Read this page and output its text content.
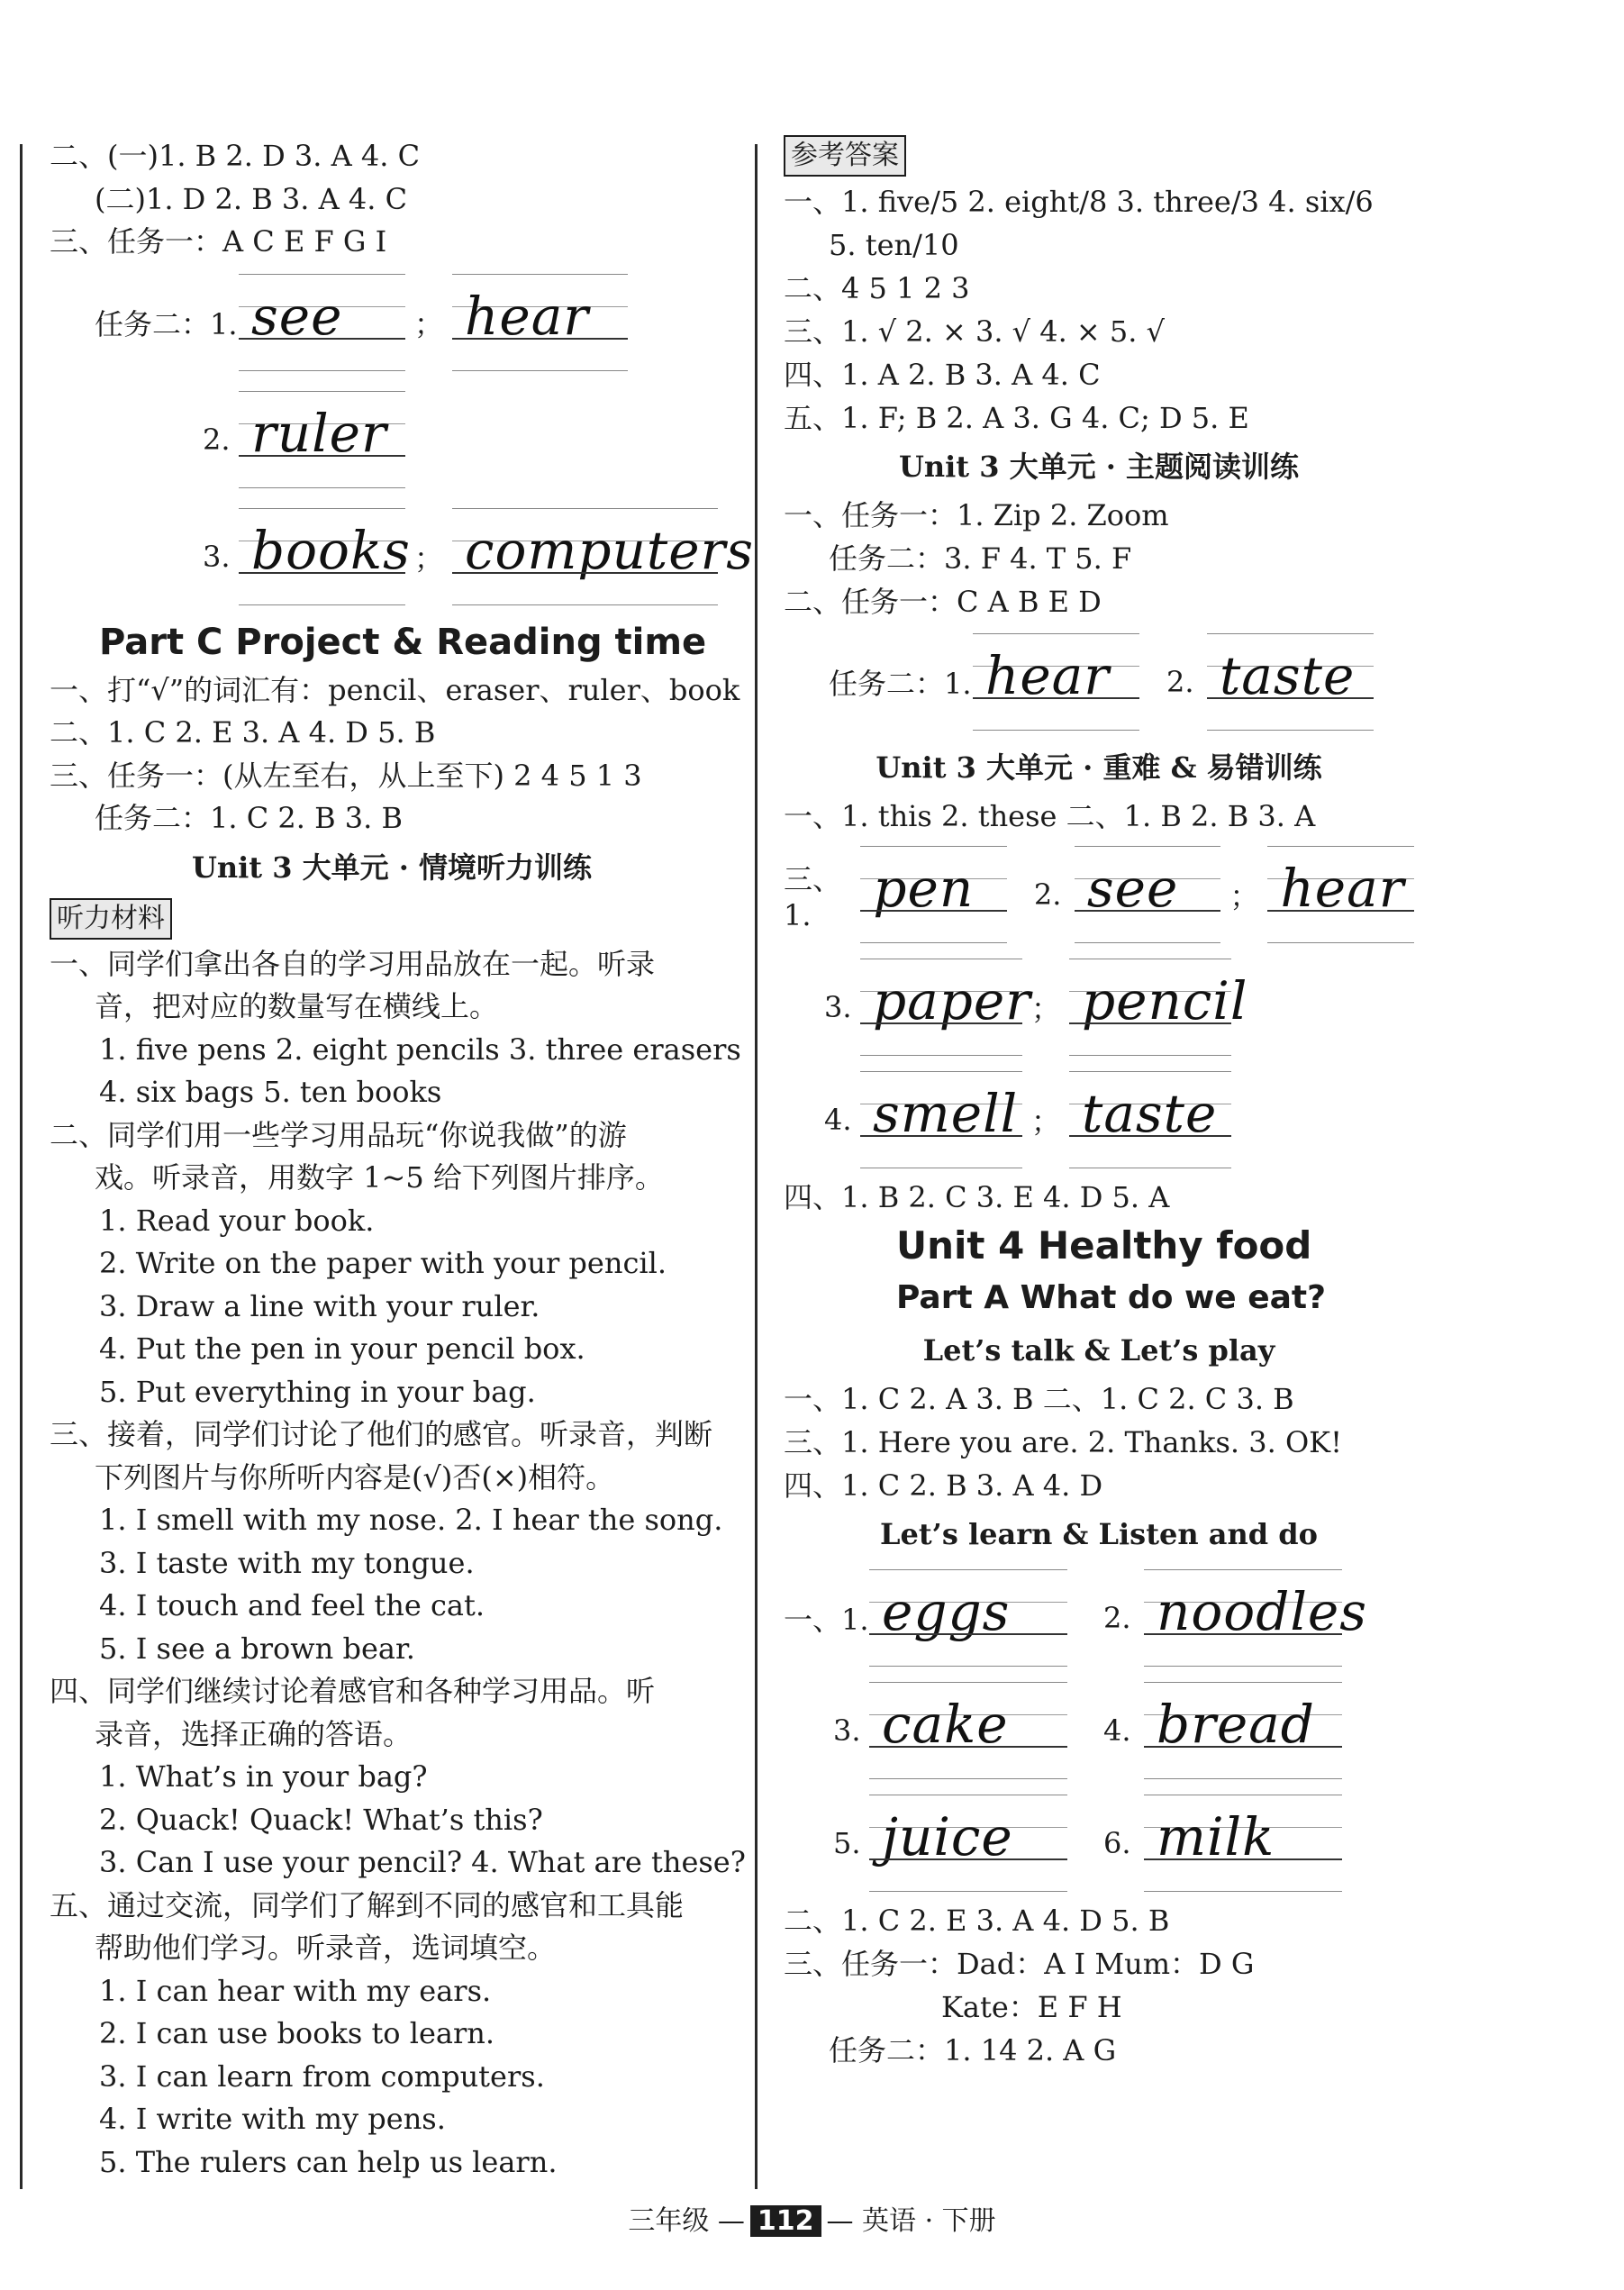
二、(一)1. B 2. D 3. A 4. C
(二)1. D 2. B 3. A 4. C
三、任务一：A C E F G I
任务二：1. see ； hear
2. ruler
3. books ； computers
Part C Project & Reading time
一、打“√”的词汇有：pencil、eraser、ruler、book
二、1. C 2. E 3. A 4. D 5. B
三、任务一：(从左至右，从上至下) 2 4 5 1 3
任务二：1. C 2. B 3. B
Unit 3 大单元 · 情境听力训练
听力材料
一、同学们拿出各自的学习用品放在一起。听录
音，把对应的数量写在横线上。
1. five pens 2. eight pencils 3. three erasers
4. six bags 5. ten books
二、同学们用一些学习用品玩“你说我做”的游
戏。听录音，用数字 1~5 给下列图片排序。
1. Read your book.
2. Write on the paper with your pencil.
3. Draw a line with your ruler.
4. Put the pen in your pencil box.
5. Put everything in your bag.
三、接着，同学们讨论了他们的感官。听录音，判断
下列图片与你所听内容是(√)否(×)相符。
1. I smell with my nose. 2. I hear the song.
3. I taste with my tongue.
4. I touch and feel the cat.
5. I see a brown bear.
四、同学们继续讨论着感官和各种学习用品。听
录音，选择正确的答语。
1. What’s in your bag?
2. Quack! Quack! What’s this?
3. Can I use your pencil? 4. What are these?
五、通过交流，同学们了解到不同的感官和工具能
帮助他们学习。听录音，选词填空。
1. I can hear with my ears.
2. I can use books to learn.
3. I can learn from computers.
4. I write with my pens.
5. The rulers can help us learn.
参考答案
一、1. five/5 2. eight/8 3. three/3 4. six/6
5. ten/10
二、4 5 1 2 3
三、1. √ 2. × 3. √ 4. × 5. √
四、1. A 2. B 3. A 4. C
五、1. F; B 2. A 3. G 4. C; D 5. E
Unit 3 大单元 · 主题阅读训练
一、任务一：1. Zip 2. Zoom
任务二：3. F 4. T 5. F
二、任务一：C A B E D
任务二：1. hear 2. taste
Unit 3 大单元 · 重难 & 易错训练
一、1. this 2. these 二、1. B 2. B 3. A
三、1.	pen 2. see ； hear
3. paper ； pencil
4. smell ； taste
四、1. B 2. C 3. E 4. D 5. A
Unit 4 Healthy food
Part A What do we eat?
Let’s talk & Let’s play
一、1. C 2. A 3. B 二、1. C 2. C 3. B
三、1. Here you are. 2. Thanks. 3. OK!
四、1. C 2. B 3. A 4. D
Let’s learn & Listen and do
一、1. eggs	2. noodles
3. cake	4. bread
5. juice	6. milk
二、1. C 2. E 3. A 4. D 5. B
三、任务一：Dad：A I Mum：D G
Kate：E F H
任务二：1. 14 2. A G
三年级 — 112 — 英语 · 下册
